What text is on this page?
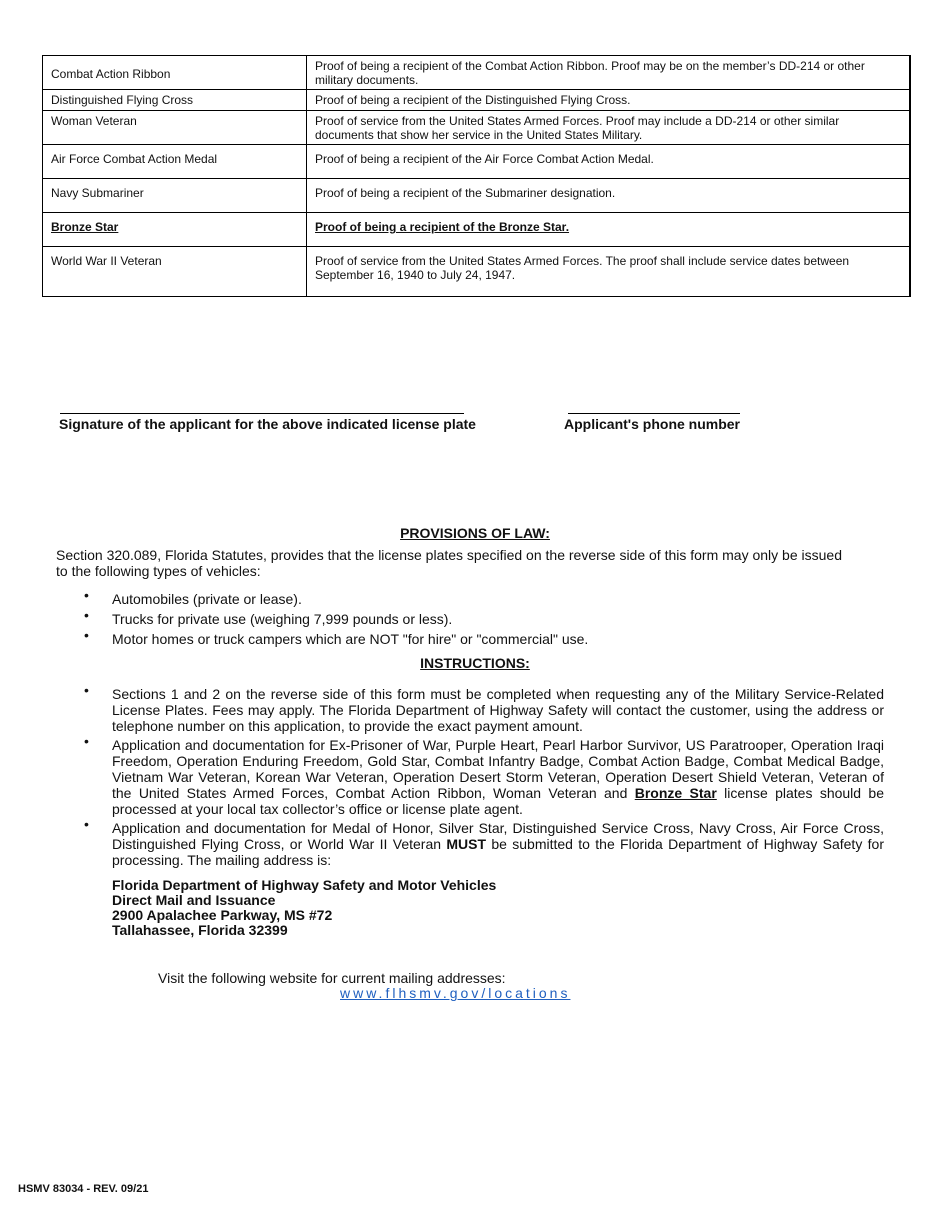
Combat Action Ribbon	Proof of being a recipient of the Combat Action Ribbon. Proof may be on the member’s DD-214 or other military documents.
Distinguished Flying Cross	Proof of being a recipient of the Distinguished Flying Cross.
Woman Veteran	Proof of service from the United States Armed Forces. Proof may include a DD-214 or other similar documents that show her service in the United States Military.
Air Force Combat Action Medal	Proof of being a recipient of the Air Force Combat Action Medal.
Navy Submariner	Proof of being a recipient of the Submariner designation.
Bronze Star	Proof of being a recipient of the Bronze Star.
World War II Veteran	Proof of service from the United States Armed Forces. The proof shall include service dates between September 16, 1940 to July 24, 1947.
Signature of the applicant for the above indicated license plate	Applicant's phone number
PROVISIONS OF LAW:
Section 320.089, Florida Statutes, provides that the license plates specified on the reverse side of this form may only be issued to the following types of vehicles:
• Automobiles (private or lease).
• Trucks for private use (weighing 7,999 pounds or less).
• Motor homes or truck campers which are NOT "for hire" or "commercial" use.
INSTRUCTIONS:
• Sections 1 and 2 on the reverse side of this form must be completed when requesting any of the Military Service-Related License Plates. Fees may apply. The Florida Department of Highway Safety will contact the customer, using the address or telephone number on this application, to provide the exact payment amount.
• Application and documentation for Ex-Prisoner of War, Purple Heart, Pearl Harbor Survivor, US Paratrooper, Operation Iraqi Freedom, Operation Enduring Freedom, Gold Star, Combat Infantry Badge, Combat Action Badge, Combat Medical Badge, Vietnam War Veteran, Korean War Veteran, Operation Desert Storm Veteran, Operation Desert Shield Veteran, Veteran of the United States Armed Forces, Combat Action Ribbon, Woman Veteran and Bronze Star license plates should be processed at your local tax collector’s office or license plate agent.
• Application and documentation for Medal of Honor, Silver Star, Distinguished Service Cross, Navy Cross, Air Force Cross, Distinguished Flying Cross, or World War II Veteran MUST be submitted to the Florida Department of Highway Safety for processing. The mailing address is:
Florida Department of Highway Safety and Motor Vehicles
Direct Mail and Issuance
2900 Apalachee Parkway, MS #72
Tallahassee, Florida 32399
Visit the following website for current mailing addresses:
www.flhsmv.gov/locations
HSMV 83034 - REV. 09/21
